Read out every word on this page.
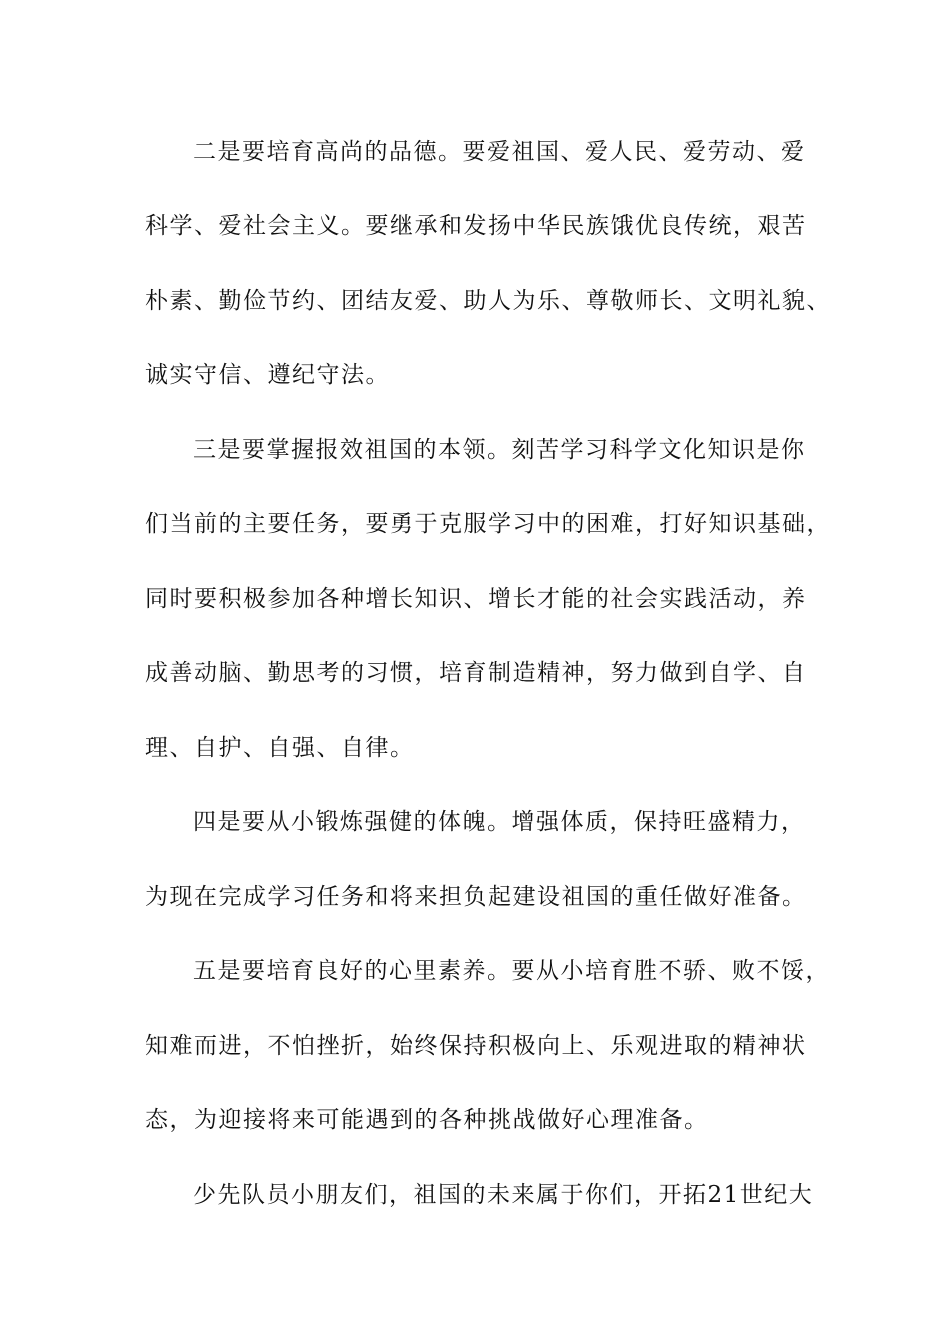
二是要培育高尚的品德。要爱祖国、爱人民、爱劳动、爱
科学、爱社会主义。要继承和发扬中华民族饿优良传统，艰苦
朴素、勤俭节约、团结友爱、助人为乐、尊敬师长、文明礼貌、
诚实守信、遵纪守法。
三是要掌握报效祖国的本领。刻苦学习科学文化知识是你
们当前的主要任务，要勇于克服学习中的困难，打好知识基础，
同时要积极参加各种增长知识、增长才能的社会实践活动，养
成善动脑、勤思考的习惯，培育制造精神，努力做到自学、自
理、自护、自强、自律。
四是要从小锻炼强健的体魄。增强体质，保持旺盛精力，
为现在完成学习任务和将来担负起建设祖国的重任做好准备。
五是要培育良好的心里素养。要从小培育胜不骄、败不馁，
知难而进，不怕挫折，始终保持积极向上、乐观进取的精神状
态，为迎接将来可能遇到的各种挑战做好心理准备。
少先队员小朋友们，祖国的未来属于你们，开拓21世纪大
